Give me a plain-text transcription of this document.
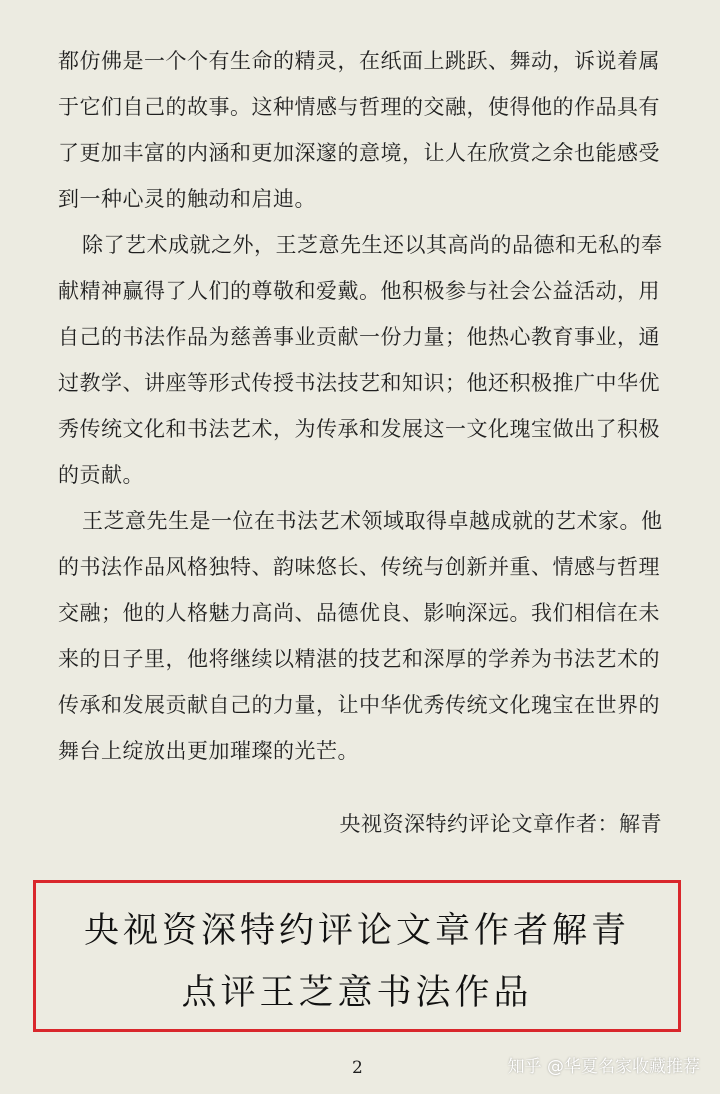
都仿佛是一个个有生命的精灵，在纸面上跳跃、舞动，诉说着属
于它们自己的故事。这种情感与哲理的交融，使得他的作品具有
了更加丰富的内涵和更加深邃的意境，让人在欣赏之余也能感受
到一种心灵的触动和启迪。

除了艺术成就之外，王芝意先生还以其高尚的品德和无私的奉
献精神赢得了人们的尊敬和爱戴。他积极参与社会公益活动，用
自己的书法作品为慈善事业贡献一份力量；他热心教育事业，通
过教学、讲座等形式传授书法技艺和知识；他还积极推广中华优
秀传统文化和书法艺术，为传承和发展这一文化瑰宝做出了积极
的贡献。

王芝意先生是一位在书法艺术领域取得卓越成就的艺术家。他
的书法作品风格独特、韵味悠长、传统与创新并重、情感与哲理
交融；他的人格魅力高尚、品德优良、影响深远。我们相信在未
来的日子里，他将继续以精湛的技艺和深厚的学养为书法艺术的
传承和发展贡献自己的力量，让中华优秀传统文化瑰宝在世界的
舞台上绽放出更加璀璨的光芒。

央视资深特约评论文章作者：解青
央视资深特约评论文章作者解青
点评王芝意书法作品
2	知乎 @华夏名家收藏推荐
